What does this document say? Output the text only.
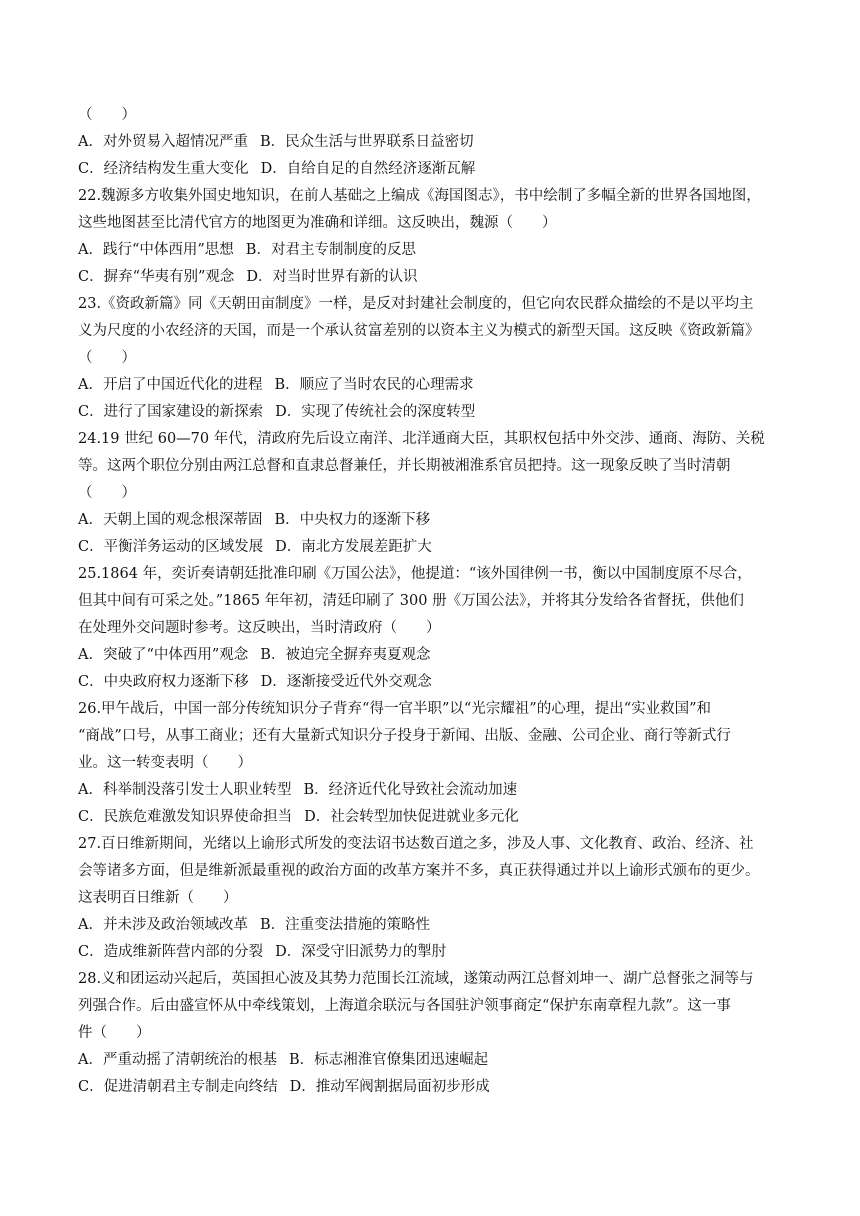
（　　）
A．对外贸易入超情况严重 B．民众生活与世界联系日益密切
C．经济结构发生重大变化 D．自给自足的自然经济逐渐瓦解
22.魏源多方收集外国史地知识，在前人基础之上编成《海国图志》，书中绘制了多幅全新的世界各国地图，
这些地图甚至比清代官方的地图更为准确和详细。这反映出，魏源（　　）
A．践行“中体西用”思想 B．对君主专制制度的反思
C．摒弃“华夷有别”观念 D．对当时世界有新的认识
23.《资政新篇》同《天朝田亩制度》一样，是反对封建社会制度的，但它向农民群众描绘的不是以平均主
义为尺度的小农经济的天国，而是一个承认贫富差别的以资本主义为模式的新型天国。这反映《资政新篇》
（　　）
A．开启了中国近代化的进程 B．顺应了当时农民的心理需求
C．进行了国家建设的新探索 D．实现了传统社会的深度转型
24.19 世纪 60—70 年代，清政府先后设立南洋、北洋通商大臣，其职权包括中外交涉、通商、海防、关税
等。这两个职位分别由两江总督和直隶总督兼任，并长期被湘淮系官员把持。这一现象反映了当时清朝
（　　）
A．天朝上国的观念根深蒂固 B．中央权力的逐渐下移
C．平衡洋务运动的区域发展 D．南北方发展差距扩大
25.1864 年，奕䜣奏请朝廷批准印刷《万国公法》，他提道：“该外国律例一书，衡以中国制度原不尽合，
但其中间有可采之处。”1865 年年初，清廷印刷了 300 册《万国公法》，并将其分发给各省督抚，供他们
在处理外交问题时参考。这反映出，当时清政府（　　）
A．突破了“中体西用”观念 B．被迫完全摒弃夷夏观念
C．中央政府权力逐渐下移 D．逐渐接受近代外交观念
26.甲午战后，中国一部分传统知识分子背弃“得一官半职”以“光宗耀祖”的心理，提出“实业救国”和
“商战”口号，从事工商业；还有大量新式知识分子投身于新闻、出版、金融、公司企业、商行等新式行
业。这一转变表明（　　）
A．科举制没落引发士人职业转型 B．经济近代化导致社会流动加速
C．民族危难激发知识界使命担当 D．社会转型加快促进就业多元化
27.百日维新期间，光绪以上谕形式所发的变法诏书达数百道之多，涉及人事、文化教育、政治、经济、社
会等诸多方面，但是维新派最重视的政治方面的改革方案并不多，真正获得通过并以上谕形式颁布的更少。
这表明百日维新（　　）
A．并未涉及政治领域改革 B．注重变法措施的策略性
C．造成维新阵营内部的分裂 D．深受守旧派势力的掣肘
28.义和团运动兴起后，英国担心波及其势力范围长江流域，遂策动两江总督刘坤一、湖广总督张之洞等与
列强合作。后由盛宣怀从中牵线策划，上海道余联沅与各国驻沪领事商定“保护东南章程九款”。这一事
件（　　）
A．严重动摇了清朝统治的根基 B．标志湘淮官僚集团迅速崛起
C．促进清朝君主专制走向终结 D．推动军阀割据局面初步形成
